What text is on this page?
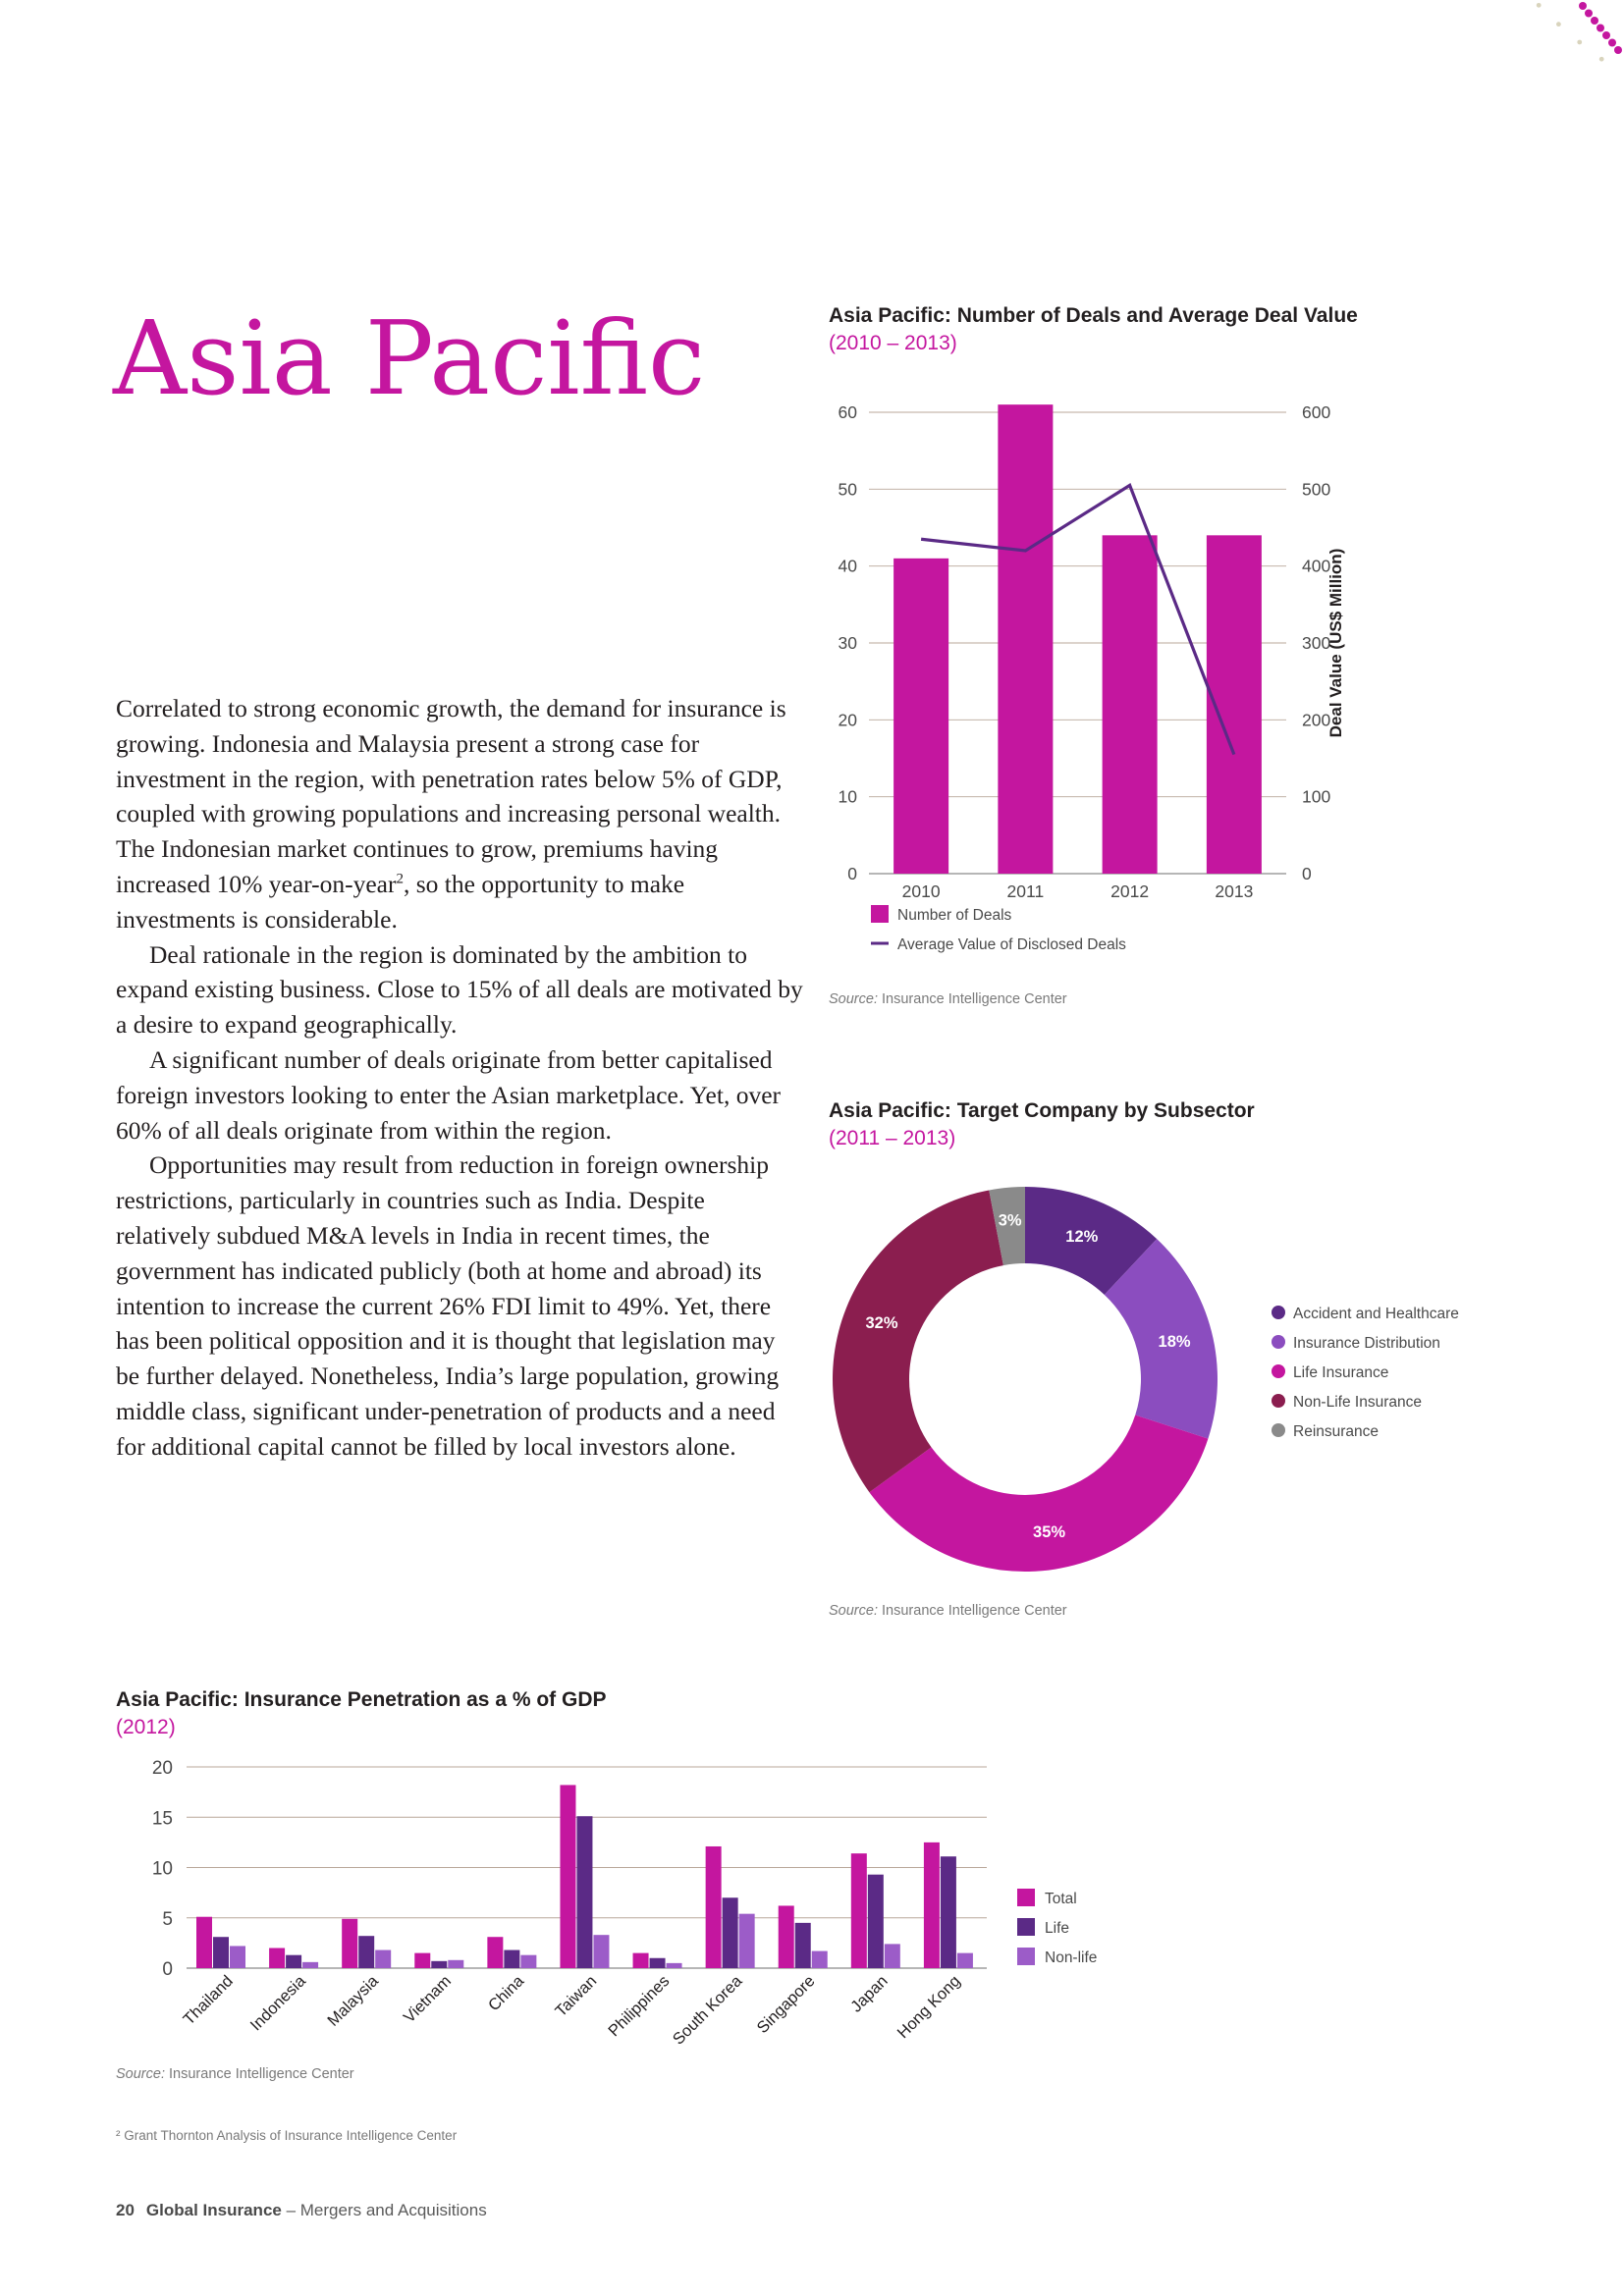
Asia Pacific

Correlated to strong economic growth, the demand for insurance is growing. Indonesia and Malaysia present a strong case for investment in the region, with penetration rates below 5% of GDP, coupled with growing populations and increasing personal wealth. The Indonesian market continues to grow, premiums having increased 10% year-on-year$^2$, so the opportunity to make investments is considerable.

Deal rationale in the region is dominated by the ambition to expand existing business. Close to 15% of all deals are motivated by a desire to expand geographically.

A significant number of deals originate from better capitalised foreign investors looking to enter the Asian marketplace. Yet, over 60% of all deals originate from within the region.

Opportunities may result from reduction in foreign ownership restrictions, particularly in countries such as India. Despite relatively subdued M&A levels in India in recent times, the government has indicated publicly (both at home and abroad) its intention to increase the current 26% FDI limit to 49%. Yet, there has been political opposition and it is thought that legislation may be further delayed. Nonetheless, India’s large population, growing middle class, significant under-penetration of products and a need for additional capital cannot be filled by local investors alone.

Asia Pacific: Number of Deals and Average Deal Value
(2010 – 2013)
0
10
20
30
40
50
60
0
100
200
300
400
500
600
Deal Value (US$ Million)
2010	2011	2012	2013
Number of Deals
Average Value of Disclosed Deals
Source: Insurance Intelligence Center
Asia Pacific: Target Company by Subsector
(2011 – 2013)
12%
18%
35%
32%
3%
Accident and Healthcare
Insurance Distribution
Life Insurance
Non-Life Insurance
Reinsurance
Source: Insurance Intelligence Center
Asia Pacific: Insurance Penetration as a % of GDP
(2012)
0
5
10
15
20
Thailand Indonesia Malaysia Vietnam China Taiwan Philippines
South Korea Singapore Japan Hong Kong
Total
Life
Non-life
Source: Insurance Intelligence Center
² Grant Thornton Analysis of Insurance Intelligence Center
20 Global Insurance – Mergers and Acquisitions
